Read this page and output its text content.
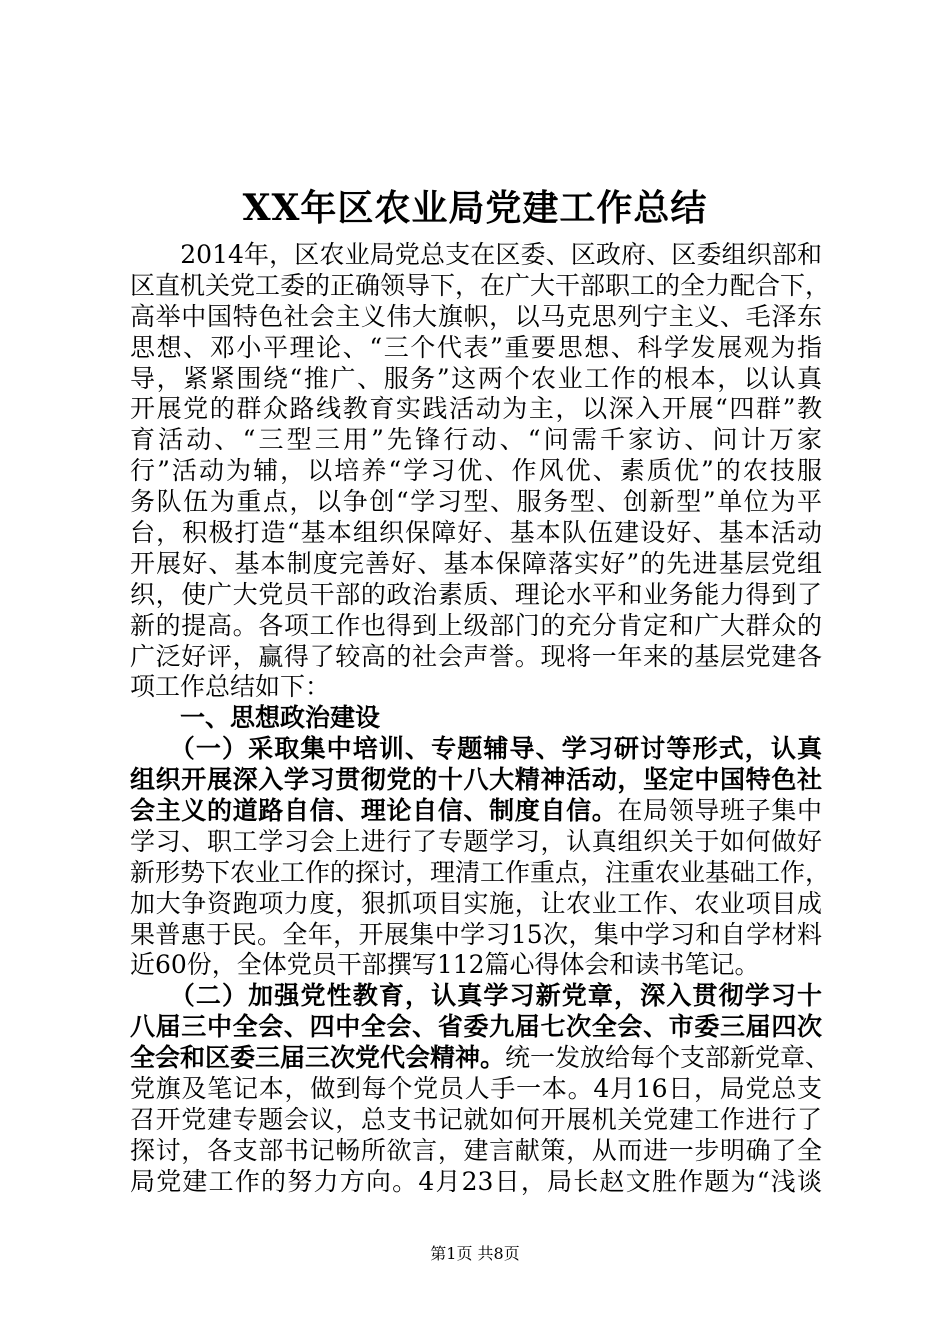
XX年区农业局党建工作总结
　　2014年，区农业局党总支在区委、区政府、区委组织部和
区直机关党工委的正确领导下，在广大干部职工的全力配合下，
高举中国特色社会主义伟大旗帜，以马克思列宁主义、毛泽东
思想、邓小平理论、“三个代表”重要思想、科学发展观为指
导，紧紧围绕“推广、服务”这两个农业工作的根本，以认真
开展党的群众路线教育实践活动为主，以深入开展“四群”教
育活动、“三型三用”先锋行动、“问需千家访、问计万家
行”活动为辅，以培养“学习优、作风优、素质优”的农技服
务队伍为重点，以争创“学习型、服务型、创新型”单位为平
台，积极打造“基本组织保障好、基本队伍建设好、基本活动
开展好、基本制度完善好、基本保障落实好”的先进基层党组
织，使广大党员干部的政治素质、理论水平和业务能力得到了
新的提高。各项工作也得到上级部门的充分肯定和广大群众的
广泛好评，赢得了较高的社会声誉。现将一年来的基层党建各
项工作总结如下：
　　一、思想政治建设
　　（一）采取集中培训、专题辅导、学习研讨等形式，认真
组织开展深入学习贯彻党的十八大精神活动，坚定中国特色社
会主义的道路自信、理论自信、制度自信。在局领导班子集中
学习、职工学习会上进行了专题学习，认真组织关于如何做好
新形势下农业工作的探讨，理清工作重点，注重农业基础工作，
加大争资跑项力度，狠抓项目实施，让农业工作、农业项目成
果普惠于民。全年，开展集中学习15次，集中学习和自学材料
近60份，全体党员干部撰写112篇心得体会和读书笔记。
　　（二）加强党性教育，认真学习新党章，深入贯彻学习十
八届三中全会、四中全会、省委九届七次全会、市委三届四次
全会和区委三届三次党代会精神。统一发放给每个支部新党章、
党旗及笔记本，做到每个党员人手一本。4月16日，局党总支
召开党建专题会议，总支书记就如何开展机关党建工作进行了
探讨，各支部书记畅所欲言，建言献策，从而进一步明确了全
局党建工作的努力方向。4月23日，局长赵文胜作题为“浅谈
第1页 共8页
